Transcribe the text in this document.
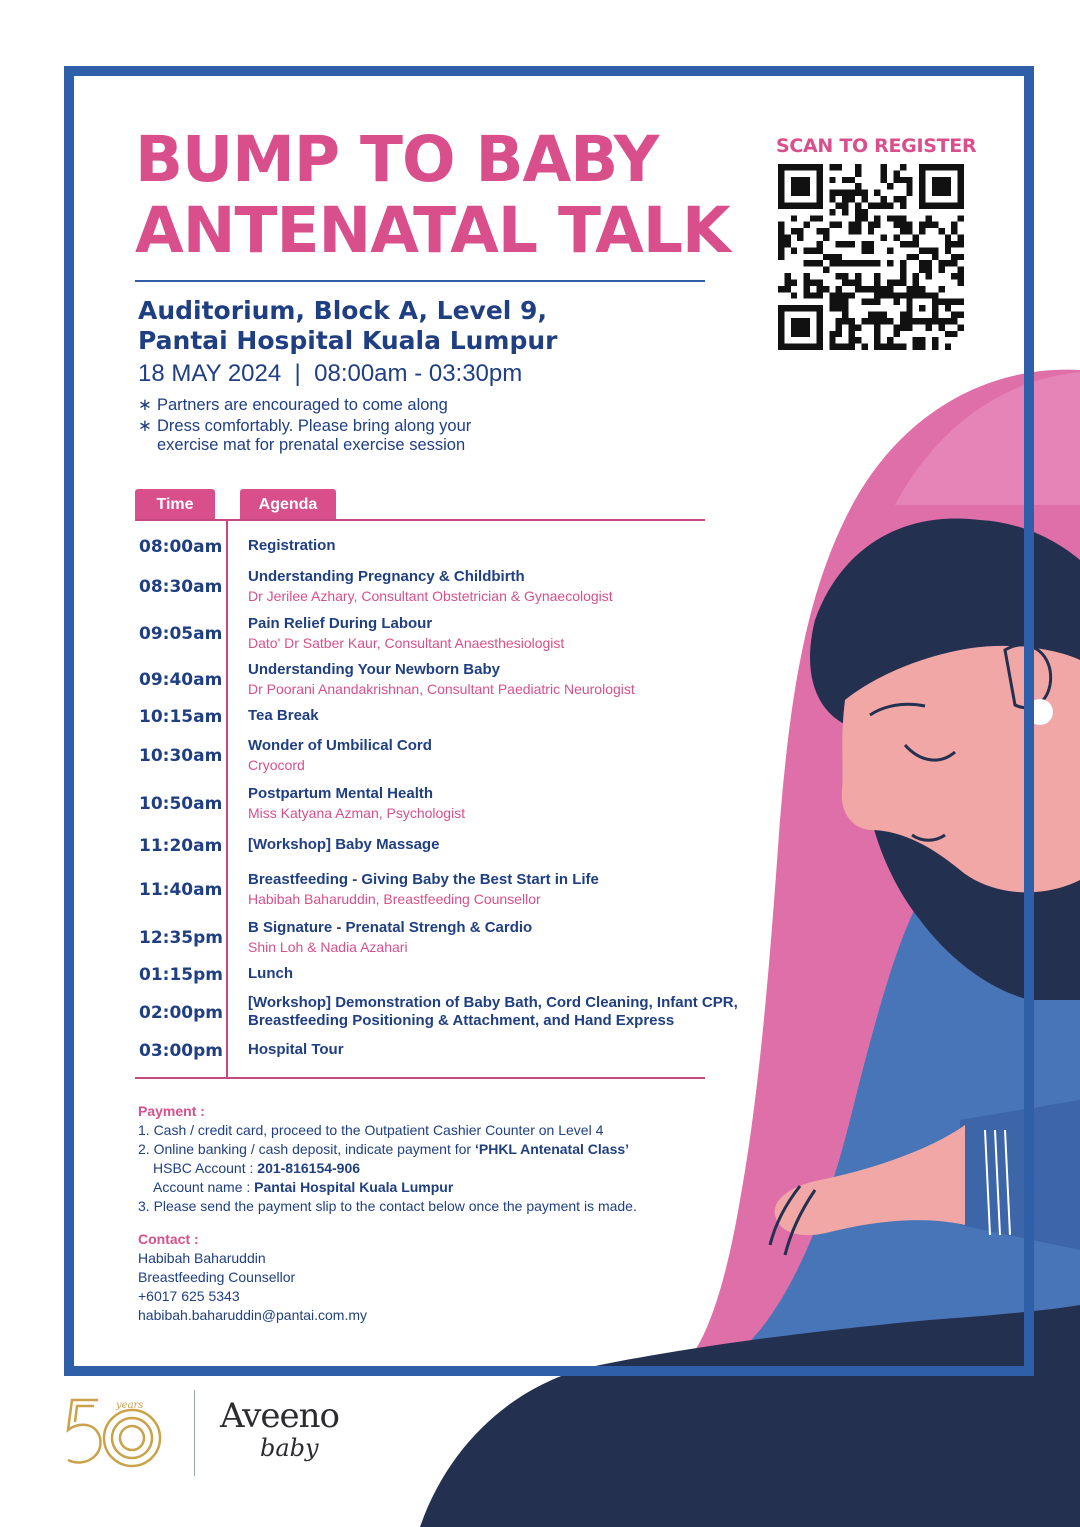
BUMP TO BABY
ANTENATAL TALK
Auditorium, Block A, Level 9,
Pantai Hospital Kuala Lumpur
18 MAY 2024  |  08:00am - 03:30pm
∗ Partners are encouraged to come along
∗ Dress comfortably. Please bring along your exercise mat for prenatal exercise session
SCAN TO REGISTER
Time	Agenda
08:00am Registration
08:30am
Understanding Pregnancy & Childbirth
Dr Jerilee Azhary, Consultant Obstetrician & Gynaecologist
09:05am
Pain Relief During Labour
Dato' Dr Satber Kaur, Consultant Anaesthesiologist
09:40am
Understanding Your Newborn Baby
Dr Poorani Anandakrishnan, Consultant Paediatric Neurologist
10:15am Tea Break
10:30am
Wonder of Umbilical Cord
Cryocord
10:50am
Postpartum Mental Health
Miss Katyana Azman, Psychologist
11:20am [Workshop] Baby Massage
11:40am
Breastfeeding - Giving Baby the Best Start in Life
Habibah Baharuddin, Breastfeeding Counsellor
12:35pm
B Signature - Prenatal Strengh & Cardio
Shin Loh & Nadia Azahari
01:15pm Lunch
02:00pm
[Workshop] Demonstration of Baby Bath, Cord Cleaning, Infant CPR,
Breastfeeding Positioning & Attachment, and Hand Express
03:00pm Hospital Tour
Payment :
1. Cash / credit card, proceed to the Outpatient Cashier Counter on Level 4
2. Online banking / cash deposit, indicate payment for ‘PHKL Antenatal Class’
HSBC Account : 201-816154-906
Account name : Pantai Hospital Kuala Lumpur
3. Please send the payment slip to the contact below once the payment is made.
Contact :
Habibah Baharuddin
Breastfeeding Counsellor
+6017 625 5343
habibah.baharuddin@pantai.com.my
years Aveeno
baby
